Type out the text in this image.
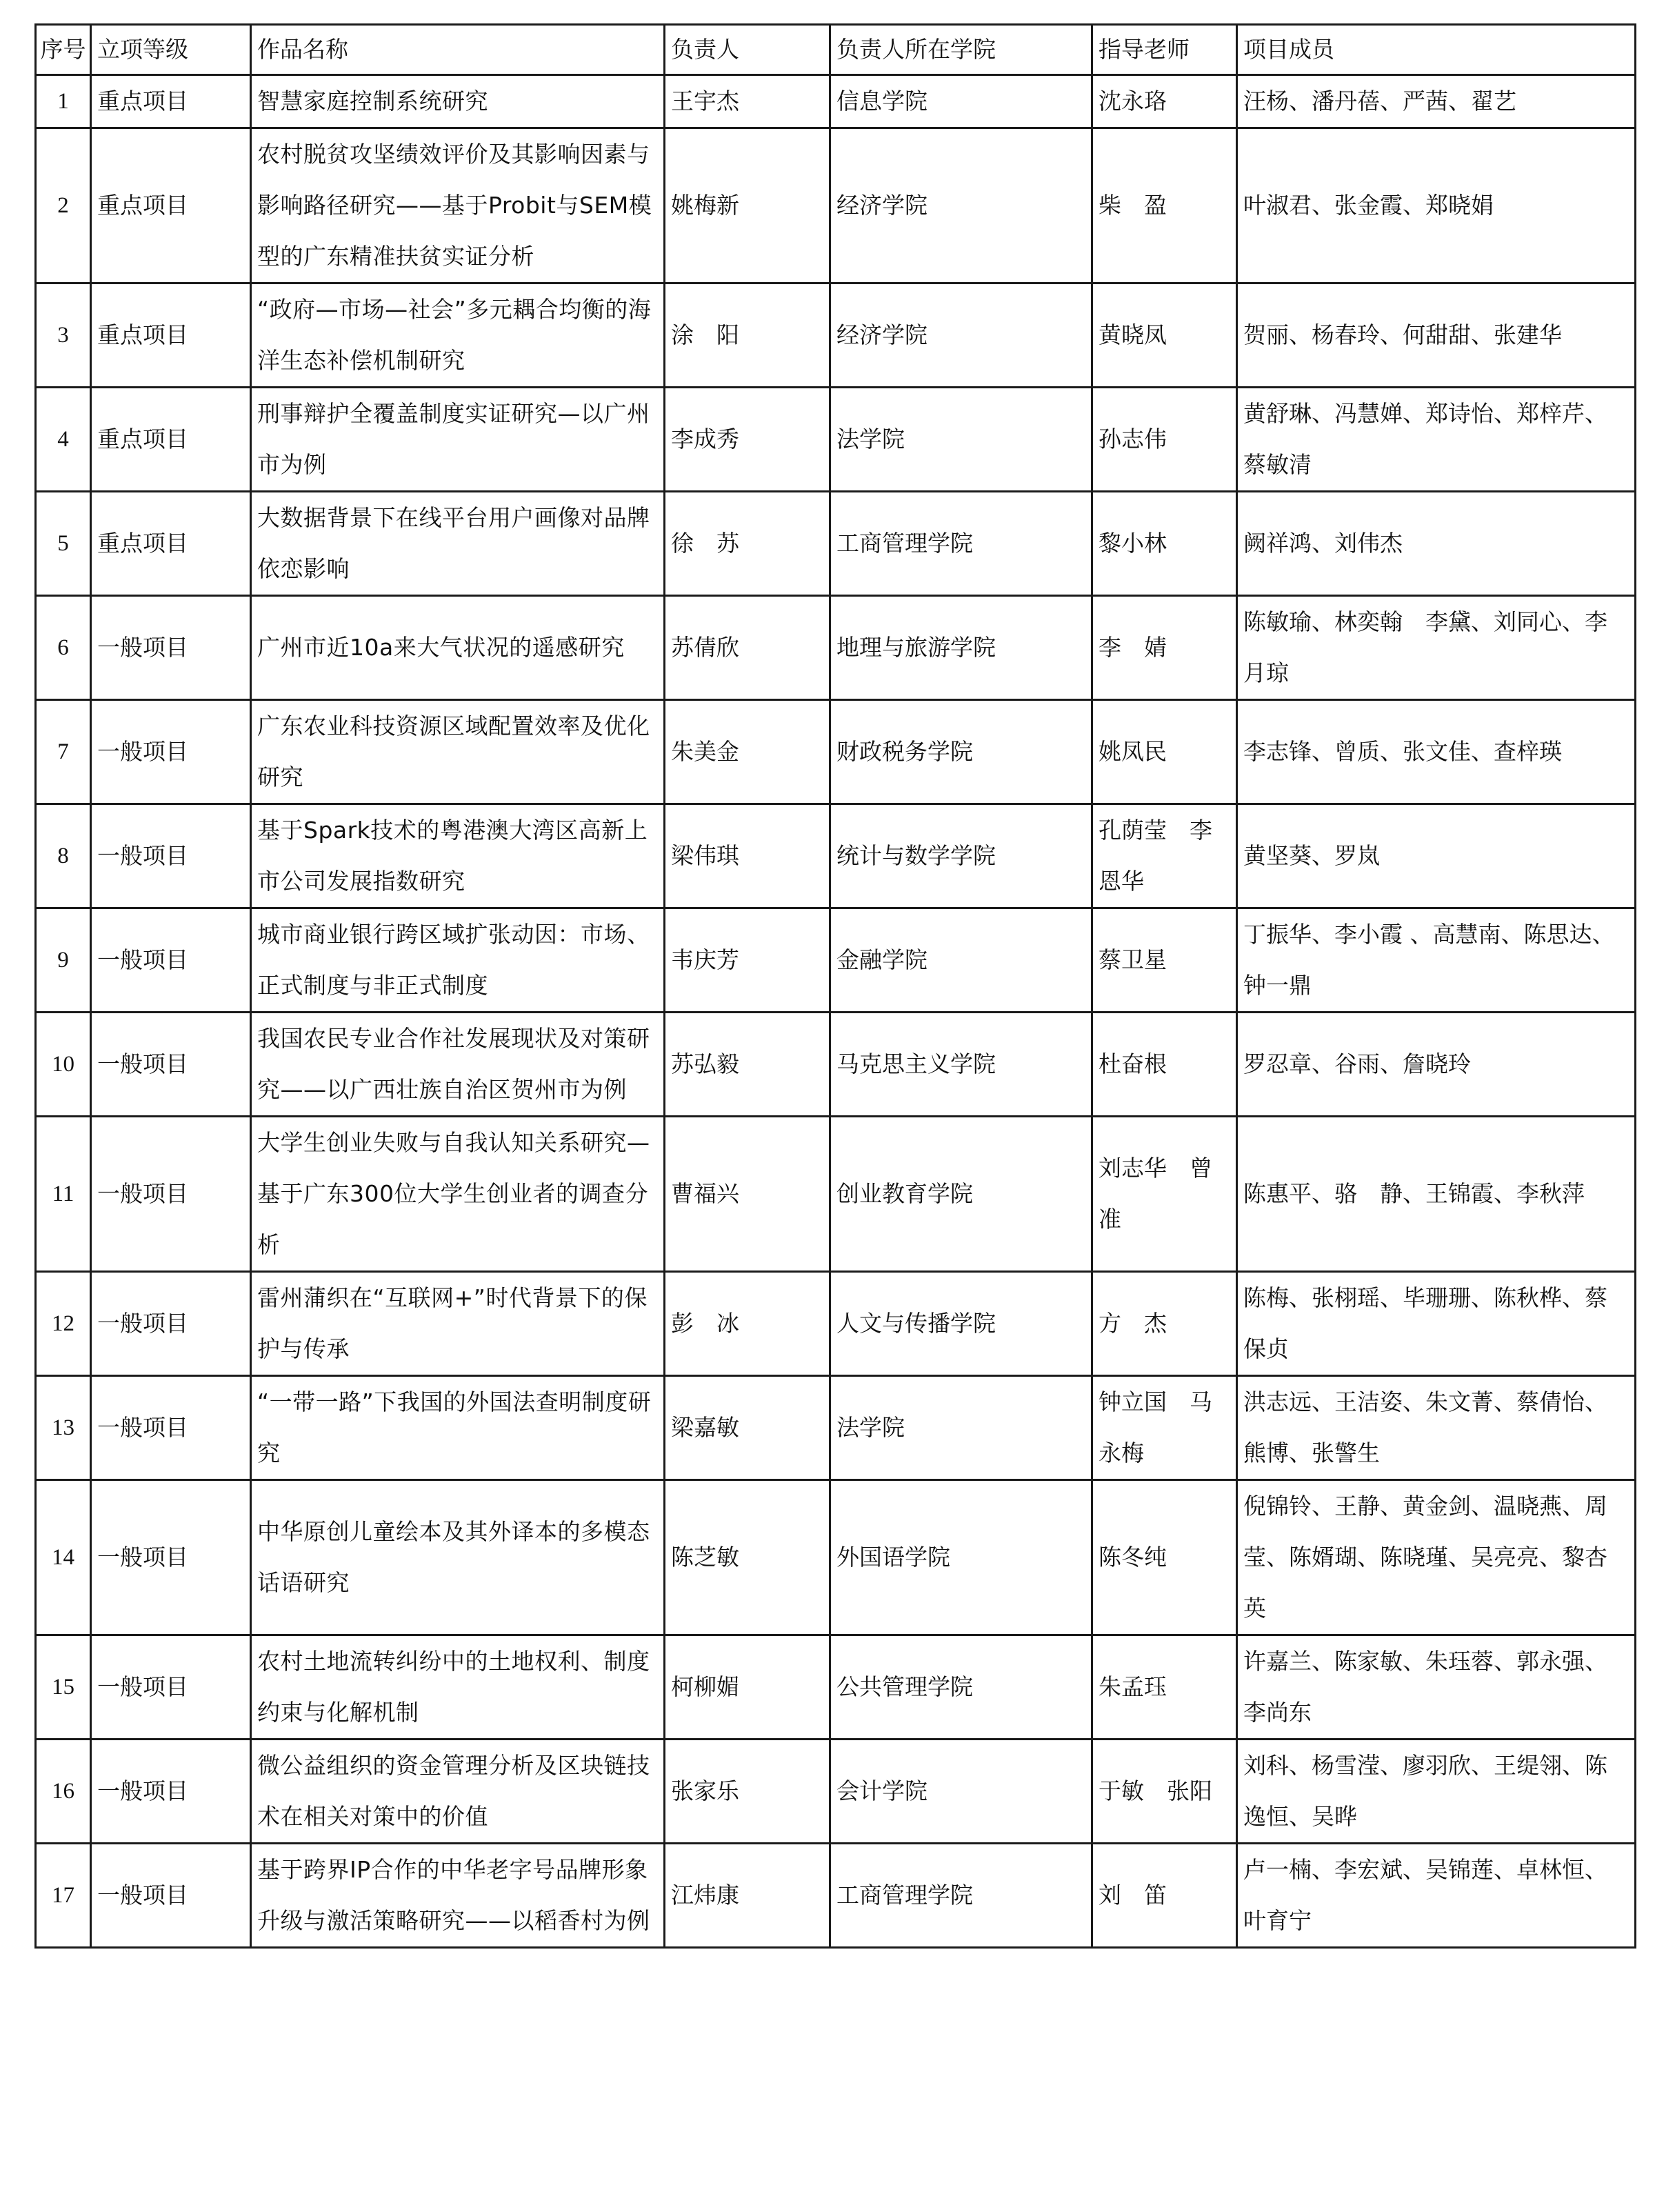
序号	立项等级	作品名称	负责人	负责人所在学院	指导老师	项目成员
1	重点项目	智慧家庭控制系统研究	王宇杰	信息学院	沈永珞	汪杨、潘丹蓓、严茜、翟艺
2	重点项目	农村脱贫攻坚绩效评价及其影响因素与影响路径研究——基于Probit与SEM模型的广东精准扶贫实证分析	姚梅新	经济学院	柴　盈	叶淑君、张金霞、郑晓娟
3	重点项目	“政府—市场—社会”多元耦合均衡的海洋生态补偿机制研究	涂　阳	经济学院	黄晓凤	贺丽、杨春玲、何甜甜、张建华
4	重点项目	刑事辩护全覆盖制度实证研究—以广州市为例	李成秀	法学院	孙志伟	黄舒琳、冯慧婵、郑诗怡、郑梓芹、蔡敏清
5	重点项目	大数据背景下在线平台用户画像对品牌依恋影响	徐　苏	工商管理学院	黎小林	阙祥鸿、刘伟杰
6	一般项目	广州市近10a来大气状况的遥感研究	苏倩欣	地理与旅游学院	李　婧	陈敏瑜、林奕翰　李黛、刘同心、李月琼
7	一般项目	广东农业科技资源区域配置效率及优化研究	朱美金	财政税务学院	姚凤民	李志锋、曾质、张文佳、查梓瑛
8	一般项目	基于Spark技术的粤港澳大湾区高新上市公司发展指数研究	梁伟琪	统计与数学学院	孔荫莹　李恩华	黄坚葵、罗岚
9	一般项目	城市商业银行跨区域扩张动因：市场、正式制度与非正式制度	韦庆芳	金融学院	蔡卫星	丁振华、李小霞 、高慧南、陈思达、钟一鼎
10	一般项目	我国农民专业合作社发展现状及对策研究——以广西壮族自治区贺州市为例	苏弘毅	马克思主义学院	杜奋根	罗忍章、谷雨、詹晓玲
11	一般项目	大学生创业失败与自我认知关系研究—基于广东300位大学生创业者的调查分析	曹福兴	创业教育学院	刘志华　曾准	陈惠平、骆　静、王锦霞、李秋萍
12	一般项目	雷州蒲织在“互联网+”时代背景下的保护与传承	彭　冰	人文与传播学院	方　杰	陈梅、张栩瑶、毕珊珊、陈秋桦、蔡保贞
13	一般项目	“一带一路”下我国的外国法查明制度研究	梁嘉敏	法学院	钟立国　马永梅	洪志远、王洁姿、朱文菁、蔡倩怡、熊博、张警生
14	一般项目	中华原创儿童绘本及其外译本的多模态话语研究	陈芝敏	外国语学院	陈冬纯	倪锦铃、王静、黄金剑、温晓燕、周莹、陈婿瑚、陈晓瑾、吴亮亮、黎杏英
15	一般项目	农村土地流转纠纷中的土地权利、制度约束与化解机制	柯柳媚	公共管理学院	朱孟珏	许嘉兰、陈家敏、朱珏蓉、郭永强、李尚东
16	一般项目	微公益组织的资金管理分析及区块链技术在相关对策中的价值	张家乐	会计学院	于敏　张阳	刘科、杨雪滢、廖羽欣、王缇翎、陈逸恒、吴晔
17	一般项目	基于跨界IP合作的中华老字号品牌形象升级与激活策略研究——以稻香村为例	江炜康	工商管理学院	刘　笛	卢一楠、李宏斌、吴锦莲、卓林恒、叶育宁
